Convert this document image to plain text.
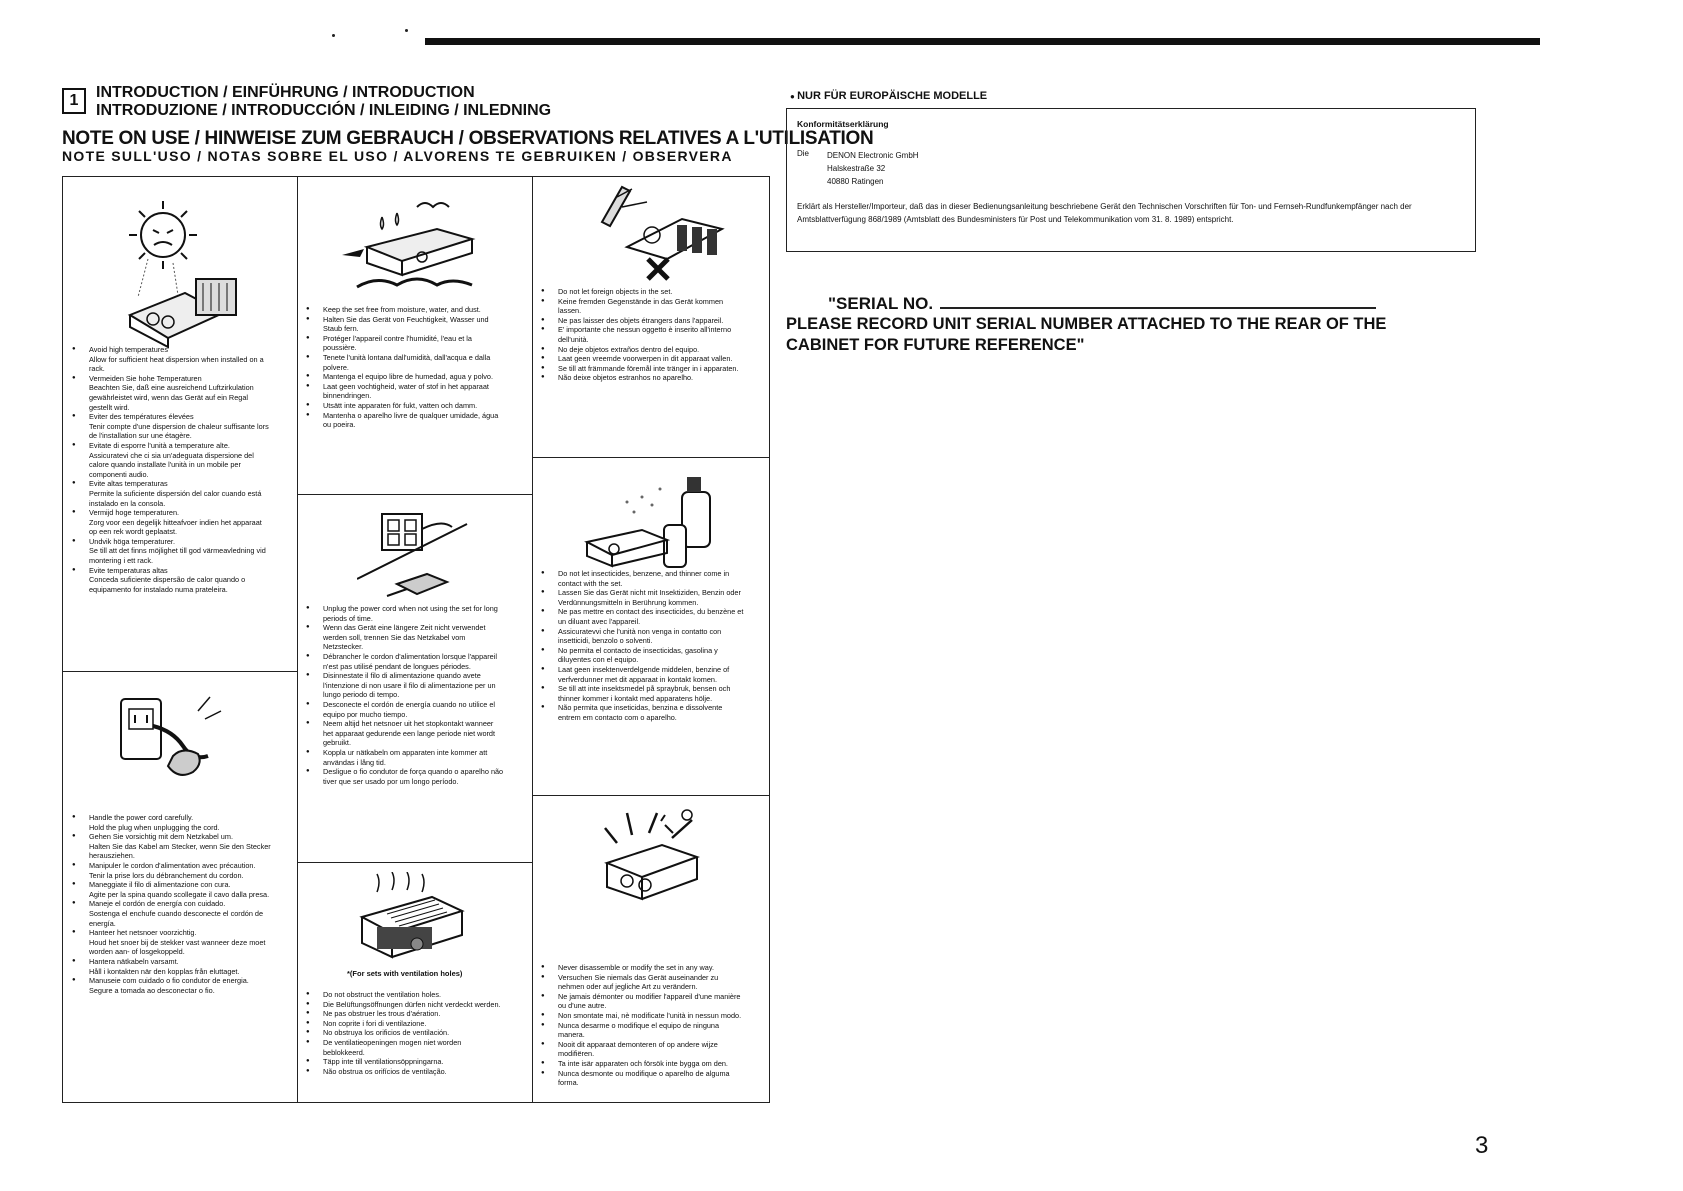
1	INTRODUCTION / EINFÜHRUNG / INTRODUCTION
INTRODUZIONE / INTRODUCCIÓN / INLEIDING / INLEDNING
NOTE ON USE / HINWEISE ZUM GEBRAUCH / OBSERVATIONS RELATIVES A L'UTILISATION
NOTE SULL'USO / NOTAS SOBRE EL USO / ALVORENS TE GEBRUIKEN / OBSERVERA
● Avoid high temperatures
Allow for sufficient heat dispersion when installed on a rack.
● Vermeiden Sie hohe Temperaturen
Beachten Sie, daß eine ausreichend Luftzirkulation gewährleistet wird, wenn das Gerät auf ein Regal gestellt wird.
● Eviter des températures élevées
Tenir compte d'une dispersion de chaleur suffisante lors de l'installation sur une étagère.
● Evitate di esporre l'unità a temperature alte.
Assicuratevi che ci sia un'adeguata dispersione del calore quando installate l'unità in un mobile per componenti audio.
● Evite altas temperaturas
Permite la suficiente dispersión del calor cuando está instalado en la consola.
● Vermijd hoge temperaturen.
Zorg voor een degelijk hitteafvoer indien het apparaat op een rek wordt geplaatst.
● Undvik höga temperaturer.
Se till att det finns möjlighet till god värmeavledning vid montering i ett rack.
● Evite temperaturas altas
Conceda suficiente dispersão de calor quando o equipamento for instalado numa prateleira.
● Handle the power cord carefully.
Hold the plug when unplugging the cord.
● Gehen Sie vorsichtig mit dem Netzkabel um.
Halten Sie das Kabel am Stecker, wenn Sie den Stecker herausziehen.
● Manipuler le cordon d'alimentation avec précaution.
Tenir la prise lors du débranchement du cordon.
● Maneggiate il filo di alimentazione con cura.
Agite per la spina quando scollegate il cavo dalla presa.
● Maneje el cordón de energía con cuidado.
Sostenga el enchufe cuando desconecte el cordón de energía.
● Hanteer het netsnoer voorzichtig.
Houd het snoer bij de stekker vast wanneer deze moet worden aan- of losgekoppeld.
● Hantera nätkabeln varsamt.
Håll i kontakten när den kopplas från eluttaget.
● Manuseie com cuidado o fio condutor de energia.
Segure a tomada ao desconectar o fio.
● Keep the set free from moisture, water, and dust.
● Halten Sie das Gerät von Feuchtigkeit, Wasser und Staub fern.
● Protéger l'appareil contre l'humidité, l'eau et la poussière.
● Tenete l'unità lontana dall'umidità, dall'acqua e dalla polvere.
● Mantenga el equipo libre de humedad, agua y polvo.
● Laat geen vochtigheid, water of stof in het apparaat binnendringen.
● Utsätt inte apparaten för fukt, vatten och damm.
● Mantenha o aparelho livre de qualquer umidade, água ou poeira.
● Unplug the power cord when not using the set for long periods of time.
● Wenn das Gerät eine längere Zeit nicht verwendet werden soll, trennen Sie das Netzkabel vom Netzstecker.
● Débrancher le cordon d'alimentation lorsque l'appareil n'est pas utilisé pendant de longues périodes.
● Disinnestate il filo di alimentazione quando avete l'intenzione di non usare il filo di alimentazione per un lungo periodo di tempo.
● Desconecte el cordón de energía cuando no utilice el equipo por mucho tiempo.
● Neem altijd het netsnoer uit het stopkontakt wanneer het apparaat gedurende een lange periode niet wordt gebruikt.
● Koppla ur nätkabeln om apparaten inte kommer att användas i lång tid.
● Desligue o fio condutor de força quando o aparelho não tiver que ser usado por um longo período.
*(For sets with ventilation holes)
● Do not obstruct the ventilation holes.
● Die Belüftungsöffnungen dürfen nicht verdeckt werden.
● Ne pas obstruer les trous d'aération.
● Non coprite i fori di ventilazione.
● No obstruya los orificios de ventilación.
● De ventilatieopeningen mogen niet worden beblokkeerd.
● Täpp inte till ventilationsöppningarna.
● Não obstrua os orifícios de ventilação.
● Do not let foreign objects in the set.
● Keine fremden Gegenstände in das Gerät kommen lassen.
● Ne pas laisser des objets étrangers dans l'appareil.
● E' importante che nessun oggetto è inserito all'interno dell'unità.
● No deje objetos extraños dentro del equipo.
● Laat geen vreemde voorwerpen in dit apparaat vallen.
● Se till att främmande föremål inte tränger in i apparaten.
● Não deixe objetos estranhos no aparelho.
● Do not let insecticides, benzene, and thinner come in contact with the set.
● Lassen Sie das Gerät nicht mit Insektiziden, Benzin oder Verdünnungsmitteln in Berührung kommen.
● Ne pas mettre en contact des insecticides, du benzène et un diluant avec l'appareil.
● Assicuratevvi che l'unità non venga in contatto con insetticidi, benzolo o solventi.
● No permita el contacto de insecticidas, gasolina y diluyentes con el equipo.
● Laat geen insektenverdelgende middelen, benzine of verfverdunner met dit apparaat in kontakt komen.
● Se till att inte insektsmedel på spraybruk, bensen och thinner kommer i kontakt med apparatens hölje.
● Não permita que inseticidas, benzina e dissolvente entrem em contacto com o aparelho.
● Never disassemble or modify the set in any way.
● Versuchen Sie niemals das Gerät auseinander zu nehmen oder auf jegliche Art zu verändern.
● Ne jamais démonter ou modifier l'appareil d'une manière ou d'une autre.
● Non smontate mai, nè modificate l'unità in nessun modo.
● Nunca desarme o modifique el equipo de ninguna manera.
● Nooit dit apparaat demonteren of op andere wijze modifiëren.
● Ta inte isär apparaten och försök inte bygga om den.
● Nunca desmonte ou modifique o aparelho de alguma forma.
● NUR FÜR EUROPÄISCHE MODELLE
Konformitätserklärung
Die DENON Electronic GmbH
Halskestraße 32
40880 Ratingen
Erklärt als Hersteller/Importeur, daß das in dieser Bedienungsanleitung beschriebene Gerät den Technischen Vorschriften für Ton- und Fernseh-Rundfunkempfänger nach der Amtsblattverfügung 868/1989 (Amtsblatt des Bundesministers für Post und Telekommunikation vom 31. 8. 1989) entspricht.
"SERIAL NO.
PLEASE RECORD UNIT SERIAL NUMBER ATTACHED TO THE REAR OF THE CABINET FOR FUTURE REFERENCE"
3
